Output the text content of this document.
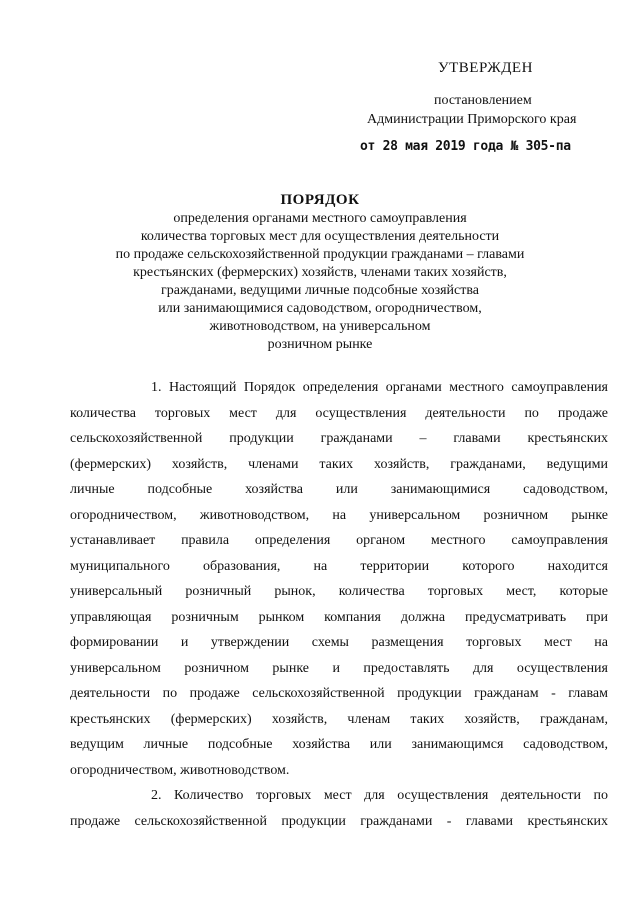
УТВЕРЖДЕН
постановлением
Администрации Приморского края
от 28 мая 2019 года № 305-па
ПОРЯДОК
определения органами местного самоуправления
количества торговых мест для осуществления деятельности
по продаже сельскохозяйственной продукции гражданами – главами
крестьянских (фермерских) хозяйств, членами таких хозяйств,
гражданами, ведущими личные подсобные хозяйства
или занимающимися садоводством, огородничеством,
животноводством, на универсальном
розничном рынке
1. Настоящий Порядок определения органами местного самоуправления
количества торговых мест для осуществления деятельности по продаже
сельскохозяйственной продукции гражданами – главами крестьянских
(фермерских) хозяйств, членами таких хозяйств, гражданами, ведущими
личные подсобные хозяйства или занимающимися садоводством,
огородничеством, животноводством, на универсальном розничном рынке
устанавливает правила определения органом местного самоуправления
муниципального образования, на территории которого находится
универсальный розничный рынок, количества торговых мест, которые
управляющая розничным рынком компания должна предусматривать при
формировании и утверждении схемы размещения торговых мест на
универсальном розничном рынке и предоставлять для осуществления
деятельности по продаже сельскохозяйственной продукции гражданам - главам
крестьянских (фермерских) хозяйств, членам таких хозяйств, гражданам,
ведущим личные подсобные хозяйства или занимающимся садоводством,
огородничеством, животноводством.
2. Количество торговых мест для осуществления деятельности по
продаже сельскохозяйственной продукции гражданами - главами крестьянских
